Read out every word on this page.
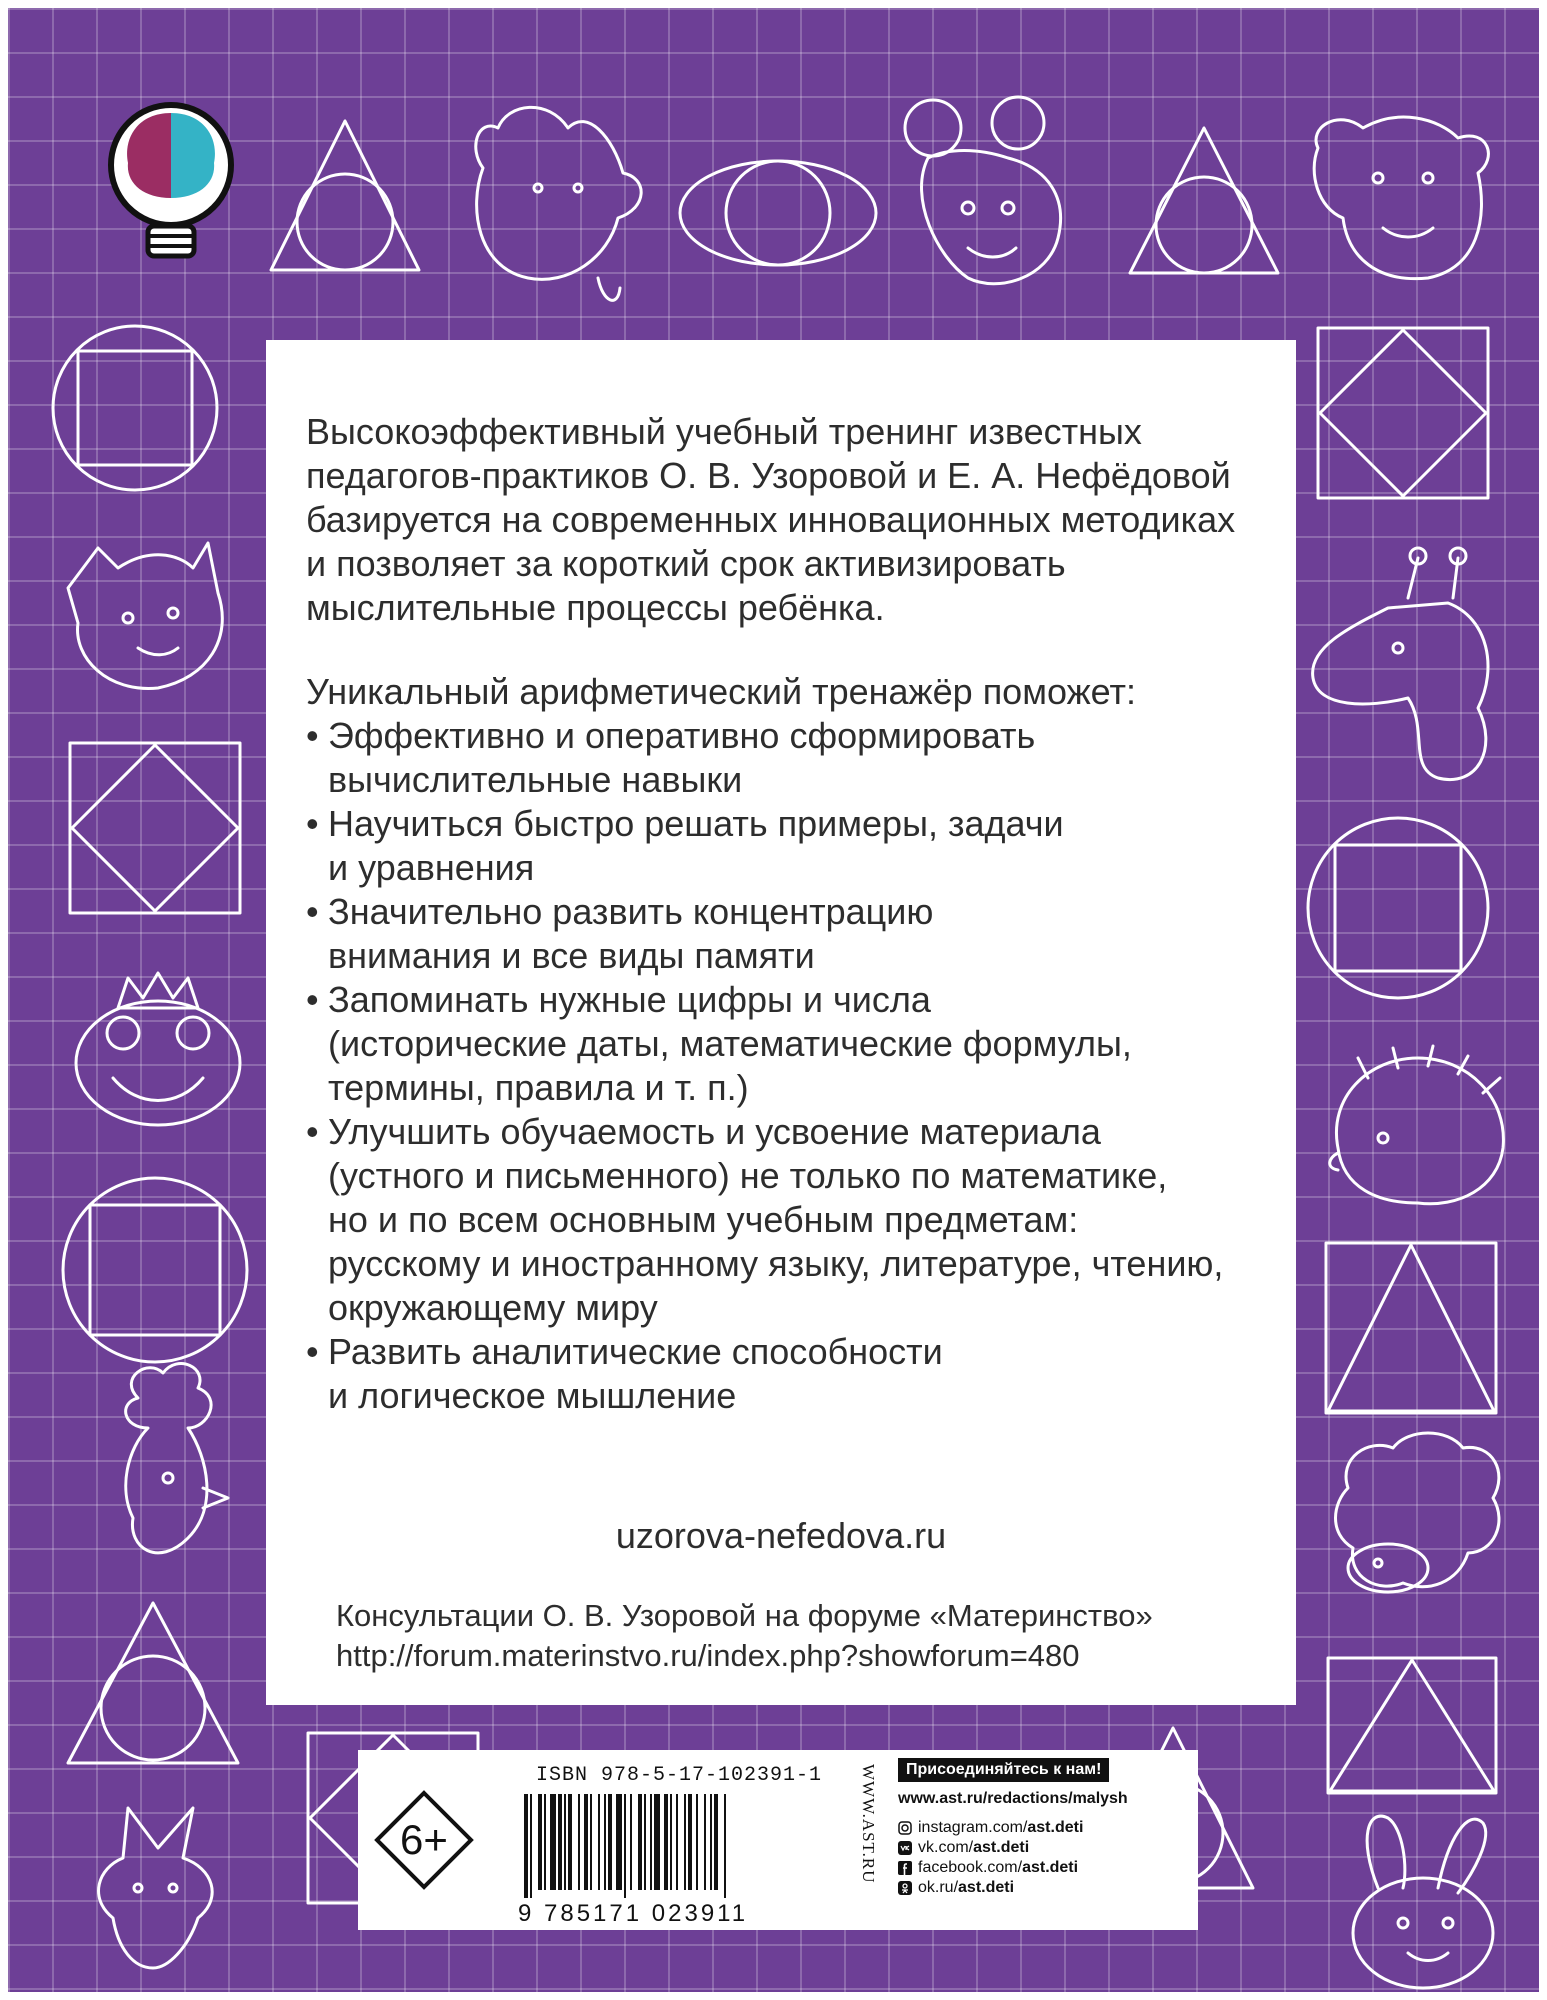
Высокоэффективный учебный тренинг известных педагогов-практиков О. В. Узоровой и Е. А. Нефёдовой базируется на современных инновационных методиках и позволяет за короткий срок активизировать мыслительные процессы ребёнка.

Уникальный арифметический тренажёр поможет:

• Эффективно и оперативно сформировать
вычислительные навыки
• Научиться быстро решать примеры, задачи
и уравнения
• Значительно развить концентрацию
внимания и все виды памяти
• Запоминать нужные цифры и числа
(исторические даты, математические формулы,
термины, правила и т. п.)
• Улучшить обучаемость и усвоение материала
(устного и письменного) не только по математике,
но и по всем основным учебным предметам:
русскому и иностранному языку, литературе, чтению,
окружающему миру
• Развить аналитические способности
и логическое мышление
uzorova-nefedova.ru
Консультации О. В. Узоровой на форуме «Материнство»
http://forum.materinstvo.ru/index.php?showforum=480
6+
ISBN 978-5-17-102391-1
9 785171 023911
WWW.AST.RU	Присоединяйтесь к нам!
www.ast.ru/redactions/malysh
instagram.com/ ast.deti
vk.com/ ast.deti
facebook.com/ ast.deti
ok.ru/ ast.deti
